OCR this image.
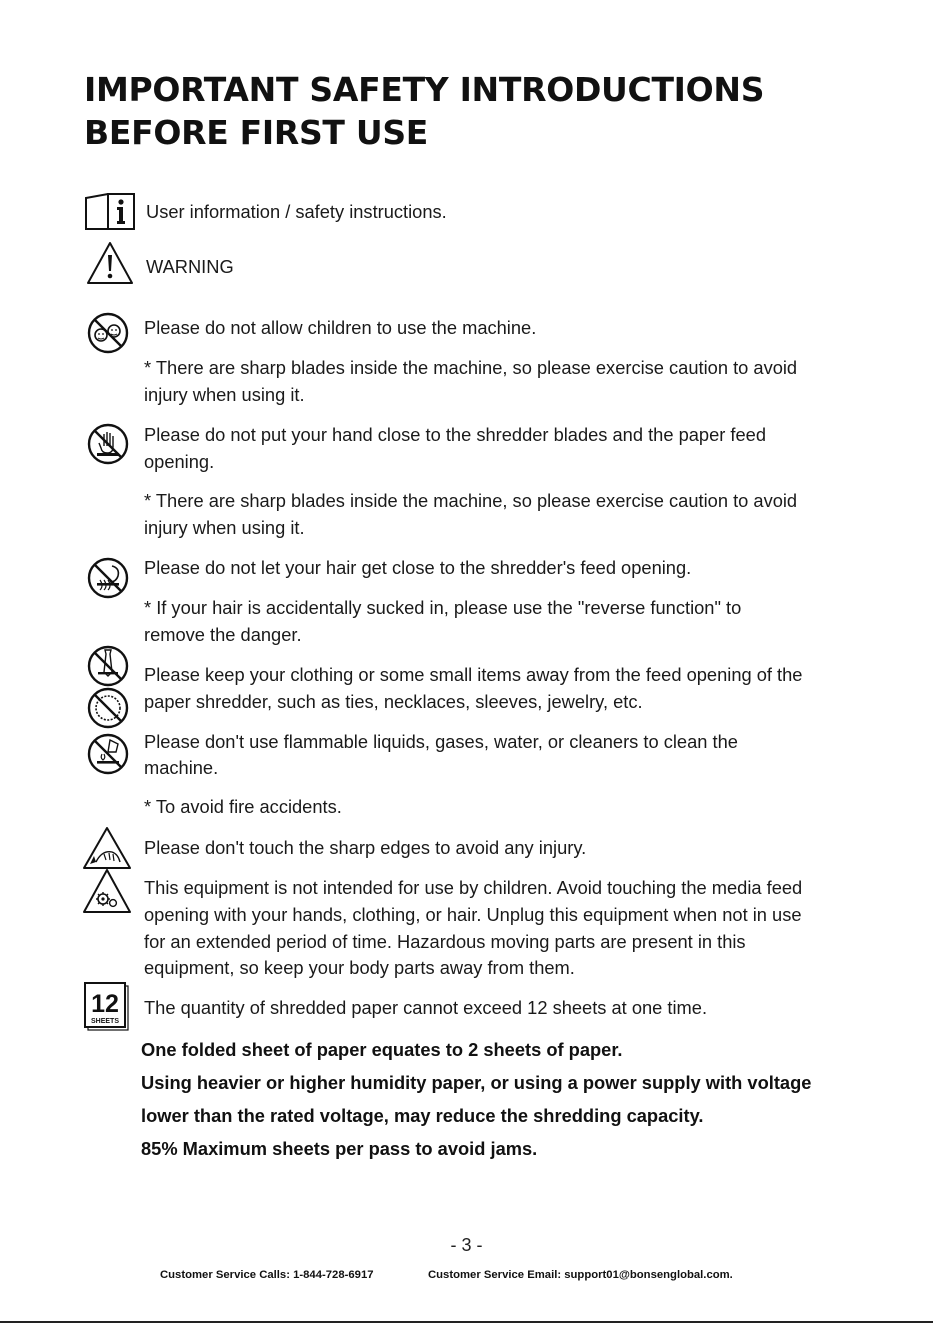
IMPORTANT SAFETY INTRODUCTIONS
BEFORE FIRST USE
12
SHEETS
User information / safety instructions.
WARNING
Please do not allow children to use the machine.
* There are sharp blades inside the machine, so please exercise caution to avoid
injury when using it.
Please do not put your hand close to the shredder blades and the paper feed
opening.
* There are sharp blades inside the machine, so please exercise caution to avoid
injury when using it.
Please do not let your hair get close to the shredder's feed opening.
* If your hair is accidentally sucked in, please use the "reverse function" to
remove the danger.
Please keep your clothing or some small items away from the feed opening of the
paper shredder, such as ties, necklaces, sleeves, jewelry, etc.
Please don't use flammable liquids, gases, water, or cleaners to clean the
machine.
* To avoid fire accidents.
Please don't touch the sharp edges to avoid any injury.
This equipment is not intended for use by children. Avoid touching the media feed
opening with your hands, clothing, or hair. Unplug this equipment when not in use
for an extended period of time. Hazardous moving parts are present in this
equipment, so keep your body parts away from them.
The quantity of shredded paper cannot exceed 12 sheets at one time.
One folded sheet of paper equates to 2 sheets of paper.
Using heavier or higher humidity paper, or using a power supply with voltage
lower than the rated voltage, may reduce the shredding capacity.
85% Maximum sheets per pass to avoid jams.
- 3 -
Customer Service Calls: 1-844-728-6917	Customer Service Email: support01@bonsenglobal.com.
